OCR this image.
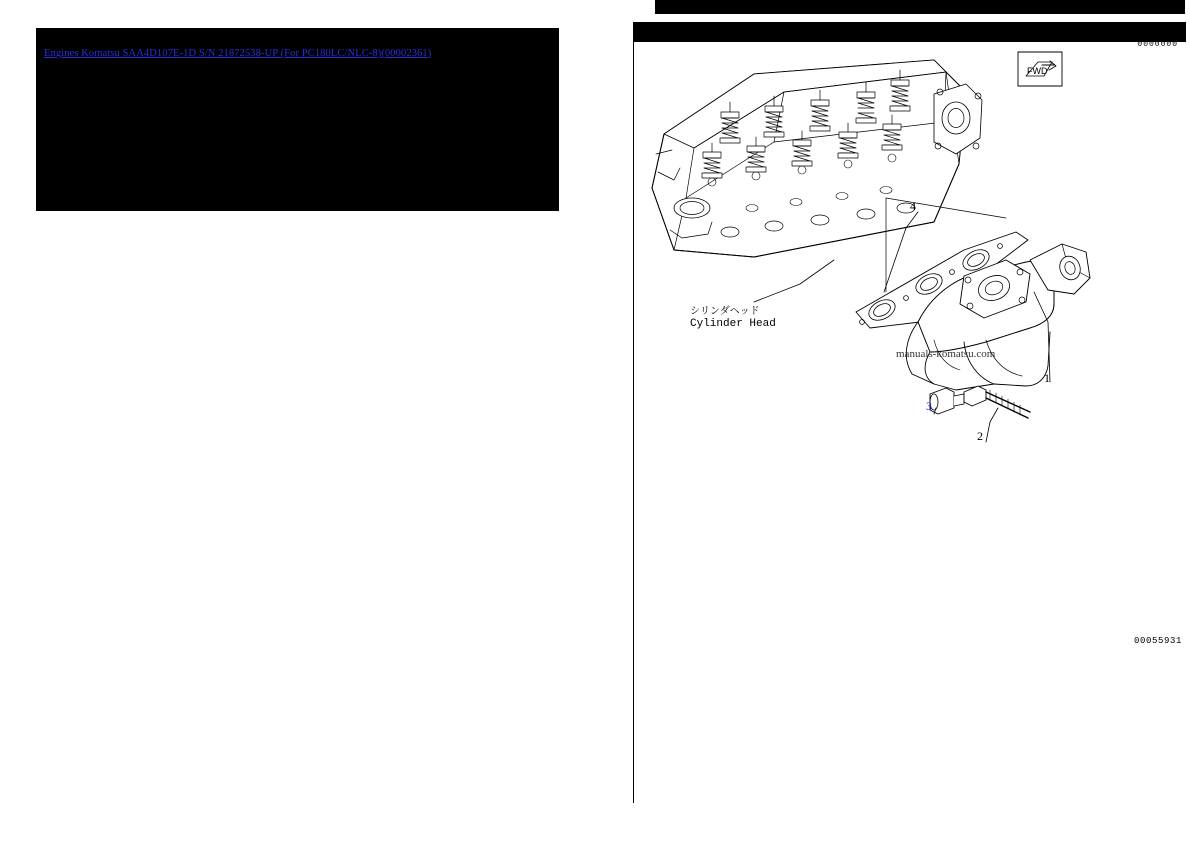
Engines Komatsu SAA4D107E-1D S/N 21872538-UP (For PC180LC/NLC-8)(00002361)
0000000
00055931
FWD
シリンダヘッド
Cylinder Head
manuals-komatsu.com
1
2
3
4
